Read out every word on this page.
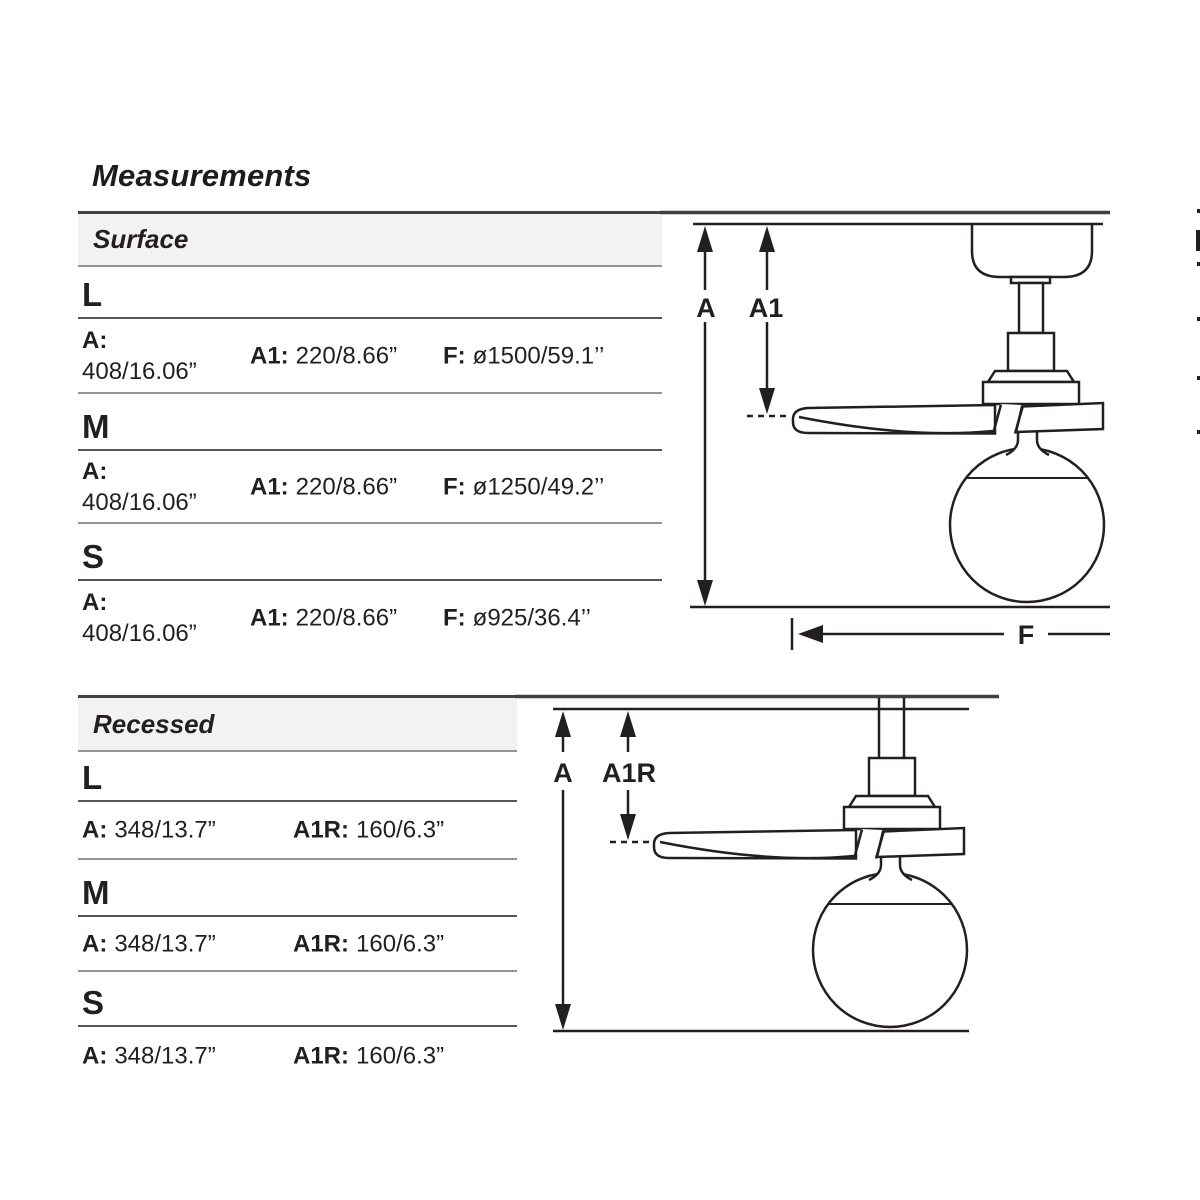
Measurements
Surface
L
A:
408/16.06”
A1: 220/8.66” F: ø1500/59.1’’
M
A:
408/16.06”
A1: 220/8.66” F: ø1250/49.2’’
S
A:
408/16.06”
A1: 220/8.66” F: ø925/36.4’’
Recessed
L
A: 348/13.7”	A1R: 160/6.3”
M
A: 348/13.7”	A1R: 160/6.3”
S
A: 348/13.7”	A1R: 160/6.3”
A A1
F
A A1R
